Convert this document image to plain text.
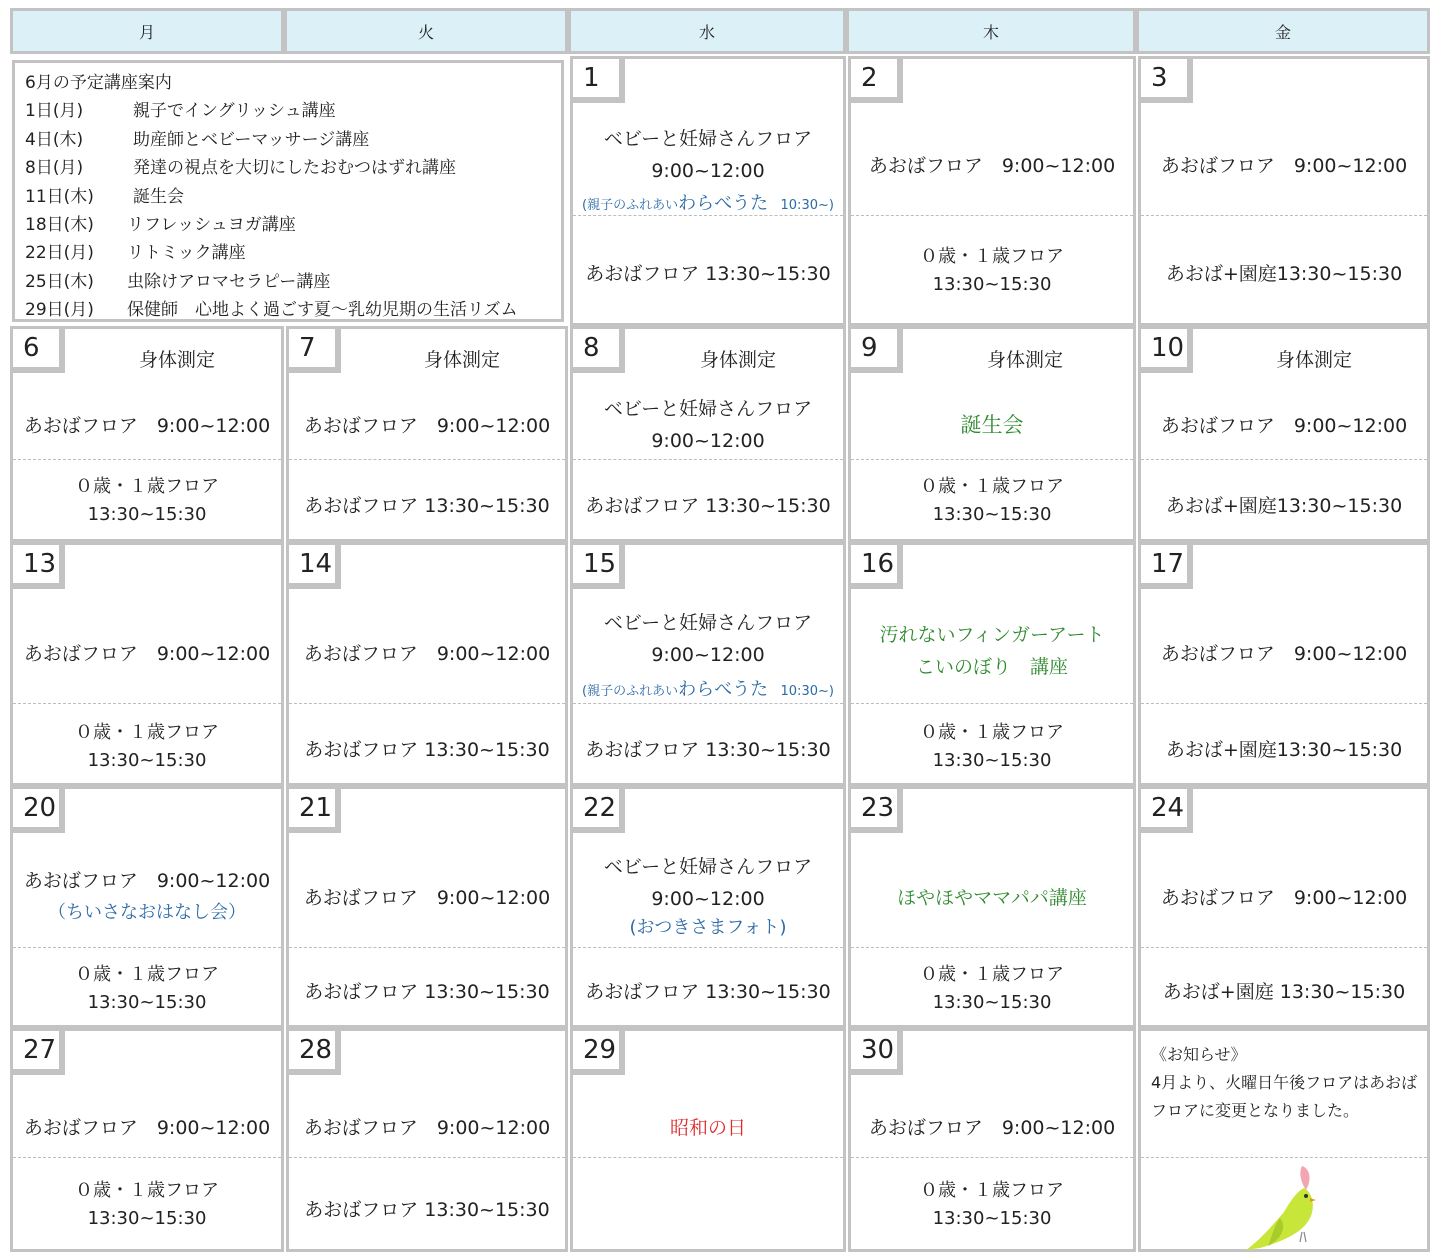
月	火	水	木	金
6月の予定講座案内
1日(月)	親子でイングリッシュ講座
4日(木)	助産師とベビーマッサージ講座
8日(月)	発達の視点を大切にしたおむつはずれ講座
11日(木) 誕生会
18日(木) リフレッシュヨガ講座
22日(月) リトミック講座
25日(木) 虫除けアロマセラピー講座
29日(月) 保健師　心地よく過ごす夏～乳幼児期の生活リズム
1
ベビーと妊婦さんフロア
9:00~12:00
(親子のふれあいわらべうた 10:30~)
あおばフロア 13:30~15:30
2
あおばフロア　9:00~12:00
０歳・１歳フロア
13:30~15:30
3
あおばフロア　9:00~12:00
あおば+園庭13:30~15:30
6	身体測定
あおばフロア　9:00~12:00
０歳・１歳フロア
13:30~15:30
7	身体測定
あおばフロア　9:00~12:00
あおばフロア 13:30~15:30
8	身体測定
ベビーと妊婦さんフロア
9:00~12:00
あおばフロア 13:30~15:30
9	身体測定
誕生会
０歳・１歳フロア
13:30~15:30
10	身体測定
あおばフロア　9:00~12:00
あおば+園庭13:30~15:30
13
あおばフロア　9:00~12:00
０歳・１歳フロア
13:30~15:30
14
あおばフロア　9:00~12:00
あおばフロア 13:30~15:30
15
ベビーと妊婦さんフロア
9:00~12:00
(親子のふれあいわらべうた 10:30~)
あおばフロア 13:30~15:30
16
汚れないフィンガーアート
こいのぼり　講座
０歳・１歳フロア
13:30~15:30
17
あおばフロア　9:00~12:00
あおば+園庭13:30~15:30
20
あおばフロア　9:00~12:00
（ちいさなおはなし会）
０歳・１歳フロア
13:30~15:30
21
あおばフロア　9:00~12:00
あおばフロア 13:30~15:30
22
ベビーと妊婦さんフロア
9:00~12:00
(おつきさまフォト)
あおばフロア 13:30~15:30
23
ほやほやママパパ講座
０歳・１歳フロア
13:30~15:30
24
あおばフロア　9:00~12:00
あおば+園庭 13:30~15:30
27
あおばフロア　9:00~12:00
０歳・１歳フロア
13:30~15:30
28
あおばフロア　9:00~12:00
あおばフロア 13:30~15:30
29
昭和の日
30
あおばフロア　9:00~12:00
０歳・１歳フロア
13:30~15:30
《お知らせ》
4月より、火曜日午後フロアはあおばフロアに変更となりました。
